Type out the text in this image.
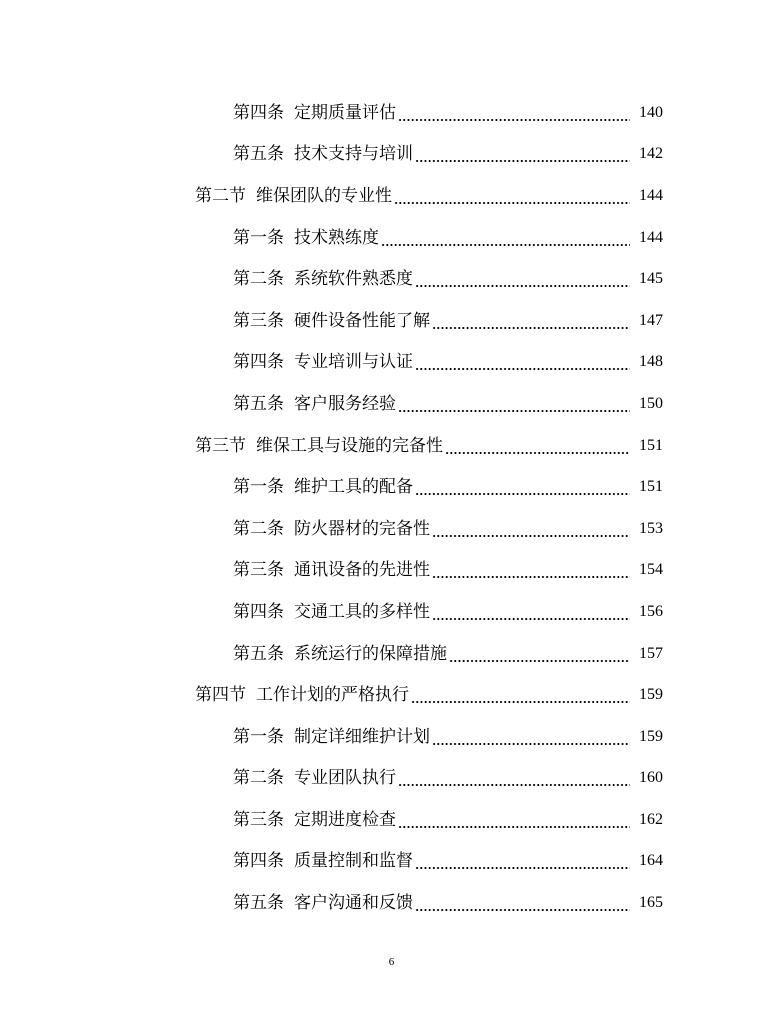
第四条 定期质量评估	140
第五条 技术支持与培训	142
第二节 维保团队的专业性	144
第一条 技术熟练度	144
第二条 系统软件熟悉度	145
第三条 硬件设备性能了解	147
第四条 专业培训与认证	148
第五条 客户服务经验	150
第三节 维保工具与设施的完备性	151
第一条 维护工具的配备	151
第二条 防火器材的完备性	153
第三条 通讯设备的先进性	154
第四条 交通工具的多样性	156
第五条 系统运行的保障措施	157
第四节 工作计划的严格执行	159
第一条 制定详细维护计划	159
第二条 专业团队执行	160
第三条 定期进度检查	162
第四条 质量控制和监督	164
第五条 客户沟通和反馈	165
6
